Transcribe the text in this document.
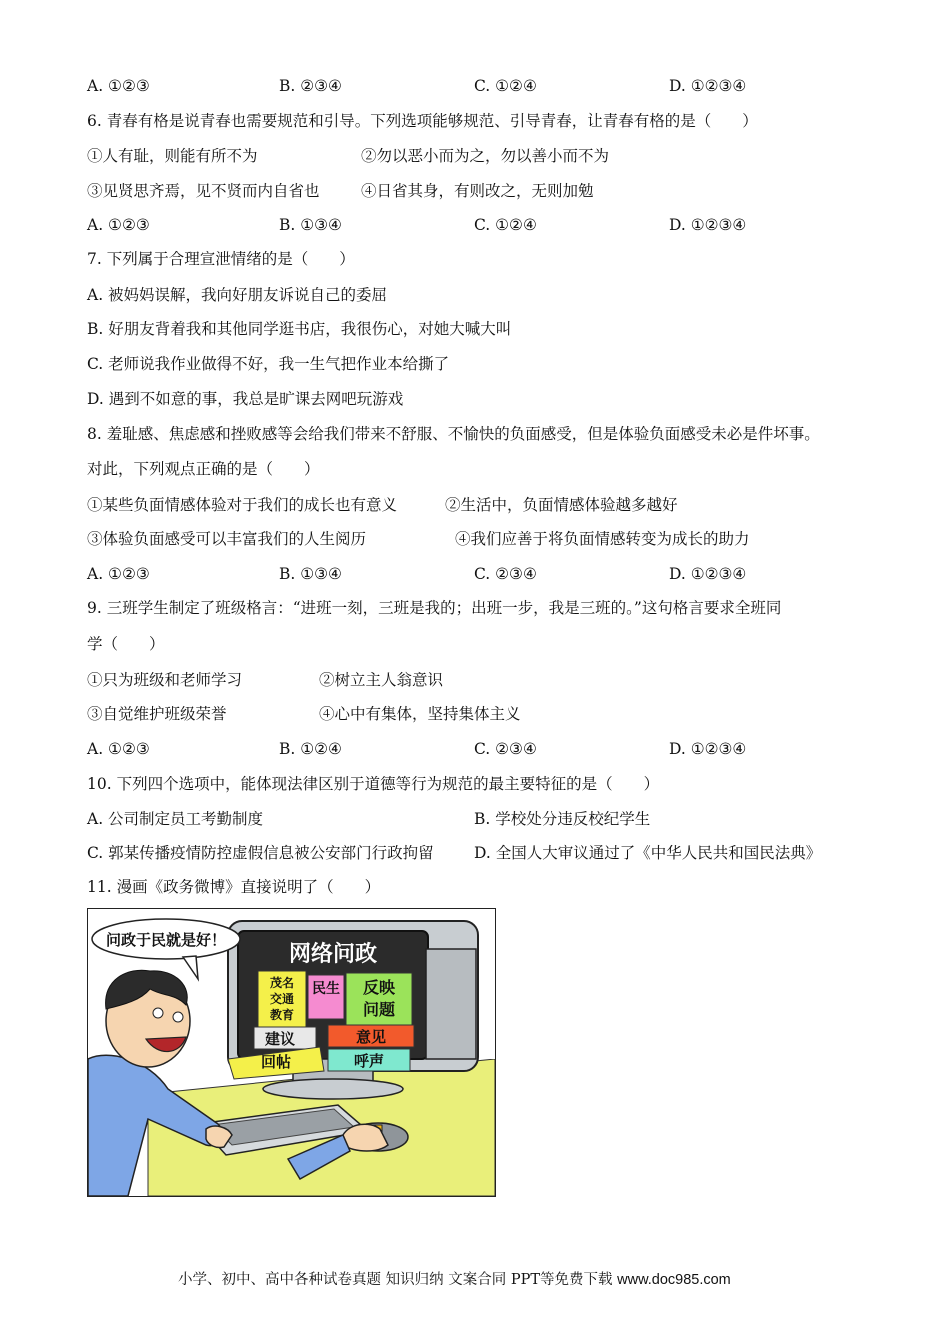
A. ①②③	B. ②③④	C. ①②④	D. ①②③④
6. 青春有格是说青春也需要规范和引导。下列选项能够规范、引导青春，让青春有格的是（　　）
①人有耻，则能有所不为	②勿以恶小而为之，勿以善小而不为
③见贤思齐焉，见不贤而内自省也	④日省其身，有则改之，无则加勉
A. ①②③	B. ①③④	C. ①②④	D. ①②③④
7. 下列属于合理宣泄情绪的是（　　）
A. 被妈妈误解，我向好朋友诉说自己的委屈
B. 好朋友背着我和其他同学逛书店，我很伤心，对她大喊大叫
C. 老师说我作业做得不好，我一生气把作业本给撕了
D. 遇到不如意的事，我总是旷课去网吧玩游戏
8. 羞耻感、焦虑感和挫败感等会给我们带来不舒服、不愉快的负面感受，但是体验负面感受未必是件坏事。
对此，下列观点正确的是（　　）
①某些负面情感体验对于我们的成长也有意义	②生活中，负面情感体验越多越好
③体验负面感受可以丰富我们的人生阅历	④我们应善于将负面情感转变为成长的助力
A. ①②③	B. ①③④	C. ②③④	D. ①②③④
9. 三班学生制定了班级格言：“进班一刻，三班是我的；出班一步，我是三班的。”这句格言要求全班同
学（　　）
①只为班级和老师学习	②树立主人翁意识
③自觉维护班级荣誉	④心中有集体，坚持集体主义
A. ①②③	B. ①②④	C. ②③④	D. ①②③④
10. 下列四个选项中，能体现法律区别于道德等行为规范的最主要特征的是（　　）
A. 公司制定员工考勤制度	B. 学校处分违反校纪学生
C. 郭某传播疫情防控虚假信息被公安部门行政拘留	D. 全国人大审议通过了《中华人民共和国民法典》
11. 漫画《政务微博》直接说明了（　　）
网络问政
茂名
交通
教育
民生 反映
问题
建议	意见
回帖	呼声
问政于民就是好！
小学、初中、高中各种试卷真题 知识归纳 文案合同 PPT等免费下载 www.doc985.com
